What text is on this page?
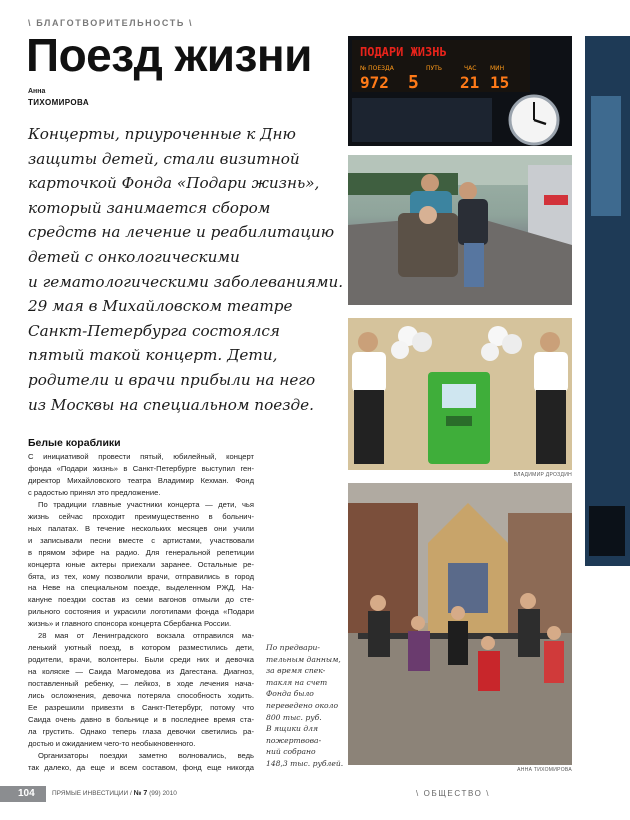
\ БЛАГОТВОРИТЕЛЬНОСТЬ \
Поезд жизни
Анна
ТИХОМИРОВА
Концерты, приуроченные к Дню
защиты детей, стали визитной
карточкой Фонда «Подари жизнь»,
который занимается сбором
средств на лечение и реабилитацию
детей с онкологическими
и гематологическими заболеваниями.
29 мая в Михайловском театре
Санкт-Петербурга состоялся
пятый такой концерт. Дети,
родители и врачи прибыли на него
из Москвы на специальном поезде.
Белые кораблики
С инициативой провести пятый, юбилейный, концерт
фонда «Подари жизнь» в Санкт-Петербурге выступил ген-
директор Михайловского театра Владимир Кехман. Фонд
с радостью принял это предложение.
По традиции главные участники концерта — дети, чья
жизнь сейчас проходит преимущественно в больнич-
ных палатах. В течение нескольких месяцев они учили
и записывали песни вместе с артистами, участвовали
в прямом эфире на радио. Для генеральной репетиции
концерта юные актеры приехали заранее. Остальные ре-
бята, из тех, кому позволили врачи, отправились в город
на Неве на специальном поезде, выделенном РЖД. На-
кануне поездки состав из семи вагонов отмыли до сте-
рильного состояния и украсили логотипами фонда «Подари
жизнь» и главного спонсора концерта Сбербанка России.
28 мая от Ленинградского вокзала отправился ма-
ленький уютный поезд, в котором разместились дети,
родители, врачи, волонтеры. Были среди них и девочка
на коляске — Саида Магомедова из Дагестана. Диагноз,
поставленный ребенку, — лейкоз, в ходе лечения нача-
лись осложнения, девочка потеряла способность ходить.
Ее разрешили привезти в Санкт-Петербург, потому что
Саида очень давно в больнице и в последнее время ста-
ла грустить. Однако теперь глаза девочки светились ра-
достью и ожиданием чего-то необыкновенного.
Организаторы поездки заметно волновались, ведь
так далеко, да еще и всем составом, фонд еще никогда
По предвари-
тельным данным,
за время спек-
такля на счет
Фонда было
переведено около
800 тыс. руб.
В ящики для
пожертвова-
ний собрано
148,3 тыс. рублей.
ПОДАРИ ЖИЗНЬ
№ ПОЕЗДА	ПУТЬ	ЧАС МИН
972 5	21 15
ВЛАДИМИР ДРОЗДИН
АННА ТИХОМИРОВА
104	ПРЯМЫЕ ИНВЕСТИЦИИ / № 7 (99) 2010	\ ОБЩЕСТВО \
